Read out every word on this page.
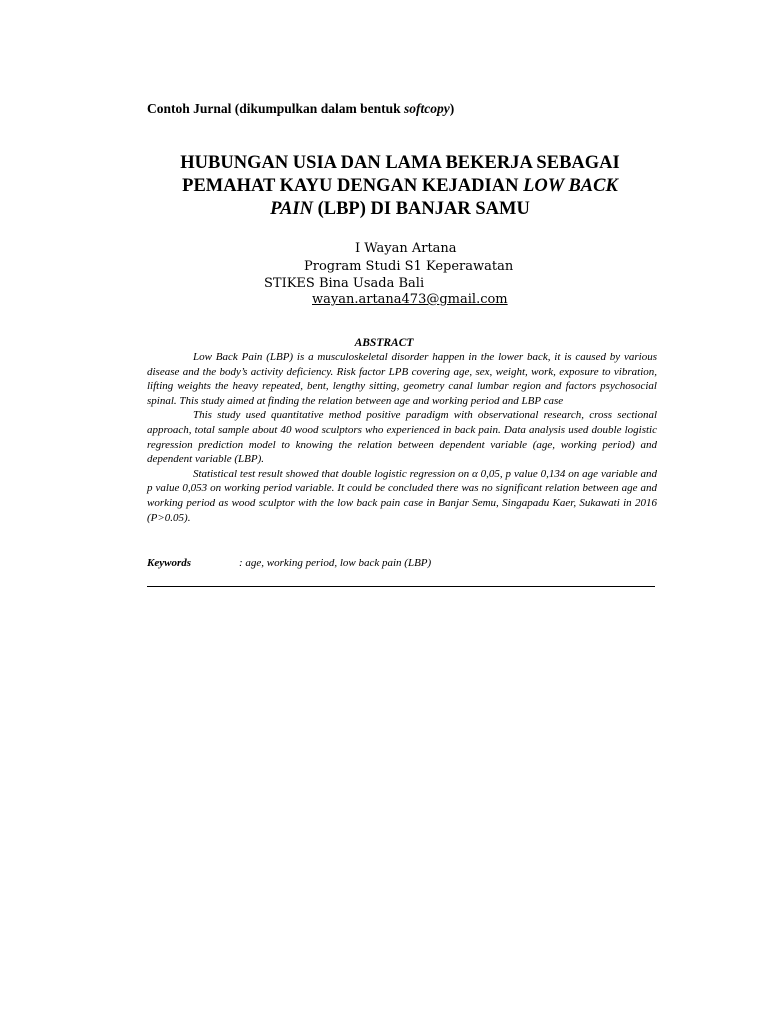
Contoh Jurnal (dikumpulkan dalam bentuk softcopy)
HUBUNGAN USIA DAN LAMA BEKERJA SEBAGAI
PEMAHAT KAYU DENGAN KEJADIAN LOW BACK
PAIN (LBP) DI BANJAR SAMU
I Wayan Artana
Program Studi S1 Keperawatan
STIKES Bina Usada Bali
wayan.artana473@gmail.com
ABSTRACT

Low Back Pain (LBP) is a musculoskeletal disorder happen in the lower back, it is caused by various disease and the body’s activity deficiency. Risk factor LPB covering age, sex, weight, work, exposure to vibration, lifting weights the heavy repeated, bent, lengthy sitting, geometry canal lumbar region and factors psychosocial spinal. This study aimed at finding the relation between age and working period and LBP case

This study used quantitative method positive paradigm with observational research, cross sectional approach, total sample about 40 wood sculptors who experienced in back pain. Data analysis used double logistic regression prediction model to knowing the relation between dependent variable (age, working period) and dependent variable (LBP).

Statistical test result showed that double logistic regression on α 0,05, p value 0,134 on age variable and p value 0,053 on working period variable. It could be concluded there was no significant relation between age and working period as wood sculptor with the low back pain case in Banjar Semu, Singapadu Kaer, Sukawati in 2016 (P>0.05).

Keywords	: age, working period, low back pain (LBP)
